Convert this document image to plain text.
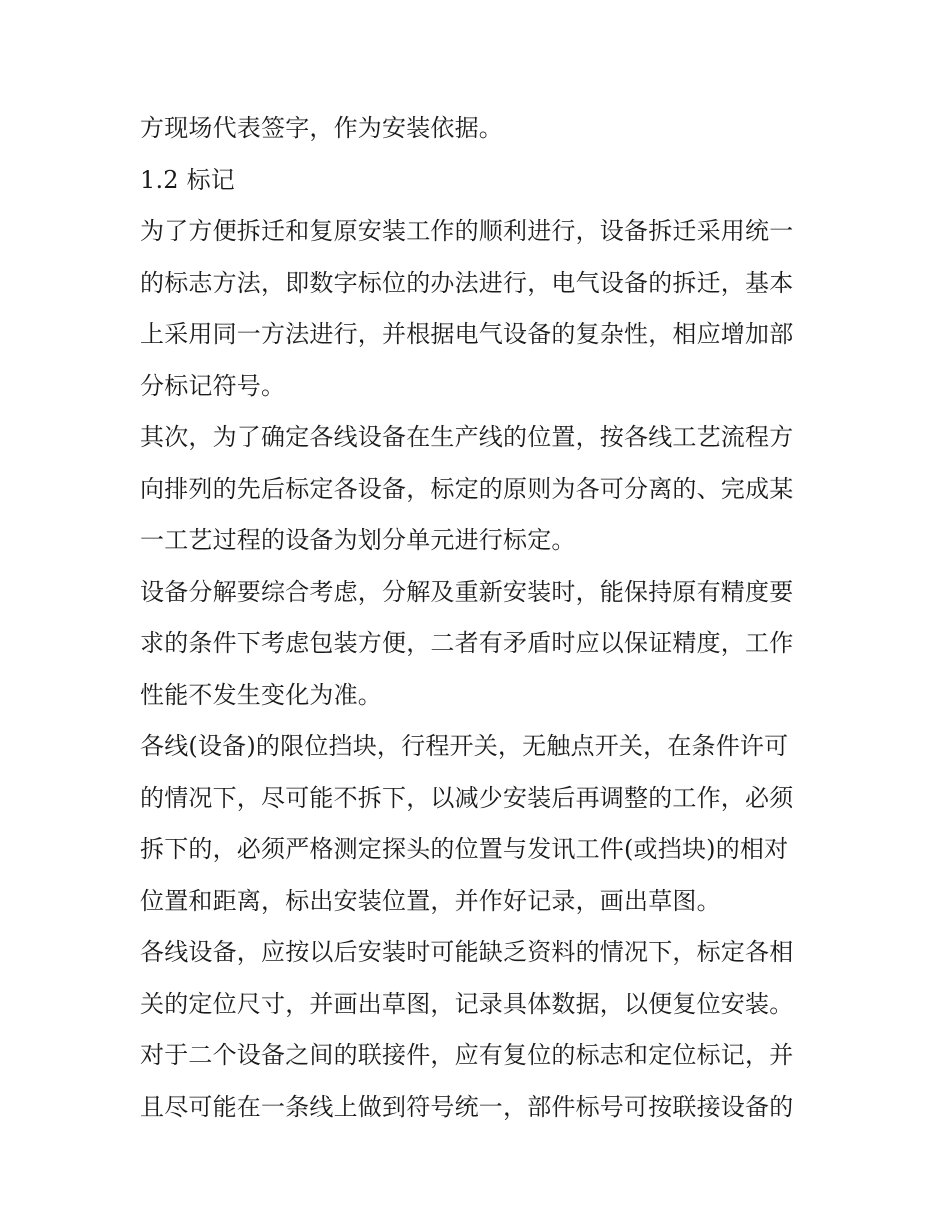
方现场代表签字，作为安装依据。
1.2 标记
为了方便拆迁和复原安装工作的顺利进行，设备拆迁采用统一
的标志方法，即数字标位的办法进行，电气设备的拆迁，基本
上采用同一方法进行，并根据电气设备的复杂性，相应增加部
分标记符号。
其次，为了确定各线设备在生产线的位置，按各线工艺流程方
向排列的先后标定各设备，标定的原则为各可分离的、完成某
一工艺过程的设备为划分单元进行标定。
设备分解要综合考虑，分解及重新安装时，能保持原有精度要
求的条件下考虑包装方便，二者有矛盾时应以保证精度，工作
性能不发生变化为准。
各线(设备)的限位挡块，行程开关，无触点开关，在条件许可
的情况下，尽可能不拆下，以减少安装后再调整的工作，必须
拆下的，必须严格测定探头的位置与发讯工件(或挡块)的相对
位置和距离，标出安装位置，并作好记录，画出草图。
各线设备，应按以后安装时可能缺乏资料的情况下，标定各相
关的定位尺寸，并画出草图，记录具体数据，以便复位安装。
对于二个设备之间的联接件，应有复位的标志和定位标记，并
且尽可能在一条线上做到符号统一，部件标号可按联接设备的
